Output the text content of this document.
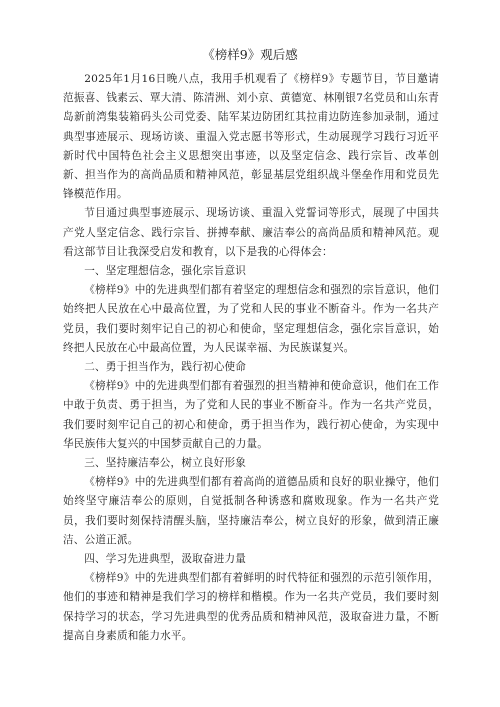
《榜样9》观后感

2025年1月16日晚八点，我用手机观看了《榜样9》专题节目，节目邀请范振喜、钱素云、覃大清、陈清洲、刘小京、黄德宽、林刚银7名党员和山东青岛新前湾集装箱码头公司党委、陆军某边防团红其拉甫边防连参加录制，通过典型事迹展示、现场访谈、重温入党志愿书等形式，生动展现学习践行习近平新时代中国特色社会主义思想突出事迹，以及坚定信念、践行宗旨、改革创新、担当作为的高尚品质和精神风范，彰显基层党组织战斗堡垒作用和党员先锋模范作用。

节目通过典型事迹展示、现场访谈、重温入党誓词等形式，展现了中国共产党人坚定信念、践行宗旨、拼搏奉献、廉洁奉公的高尚品质和精神风范。观看这部节目让我深受启发和教育，以下是我的心得体会：

一、坚定理想信念，强化宗旨意识

《榜样9》中的先进典型们都有着坚定的理想信念和强烈的宗旨意识，他们始终把人民放在心中最高位置，为了党和人民的事业不断奋斗。作为一名共产党员，我们要时刻牢记自己的初心和使命，坚定理想信念，强化宗旨意识，始终把人民放在心中最高位置，为人民谋幸福、为民族谋复兴。

二、勇于担当作为，践行初心使命

《榜样9》中的先进典型们都有着强烈的担当精神和使命意识，他们在工作中敢于负责、勇于担当，为了党和人民的事业不断奋斗。作为一名共产党员，我们要时刻牢记自己的初心和使命，勇于担当作为，践行初心使命，为实现中华民族伟大复兴的中国梦贡献自己的力量。

三、坚持廉洁奉公，树立良好形象

《榜样9》中的先进典型们都有着高尚的道德品质和良好的职业操守，他们始终坚守廉洁奉公的原则，自觉抵制各种诱惑和腐败现象。作为一名共产党员，我们要时刻保持清醒头脑，坚持廉洁奉公，树立良好的形象，做到清正廉洁、公道正派。

四、学习先进典型，汲取奋进力量

《榜样9》中的先进典型们都有着鲜明的时代特征和强烈的示范引领作用，他们的事迹和精神是我们学习的榜样和楷模。作为一名共产党员，我们要时刻保持学习的状态，学习先进典型的优秀品质和精神风范，汲取奋进力量，不断提高自身素质和能力水平。
